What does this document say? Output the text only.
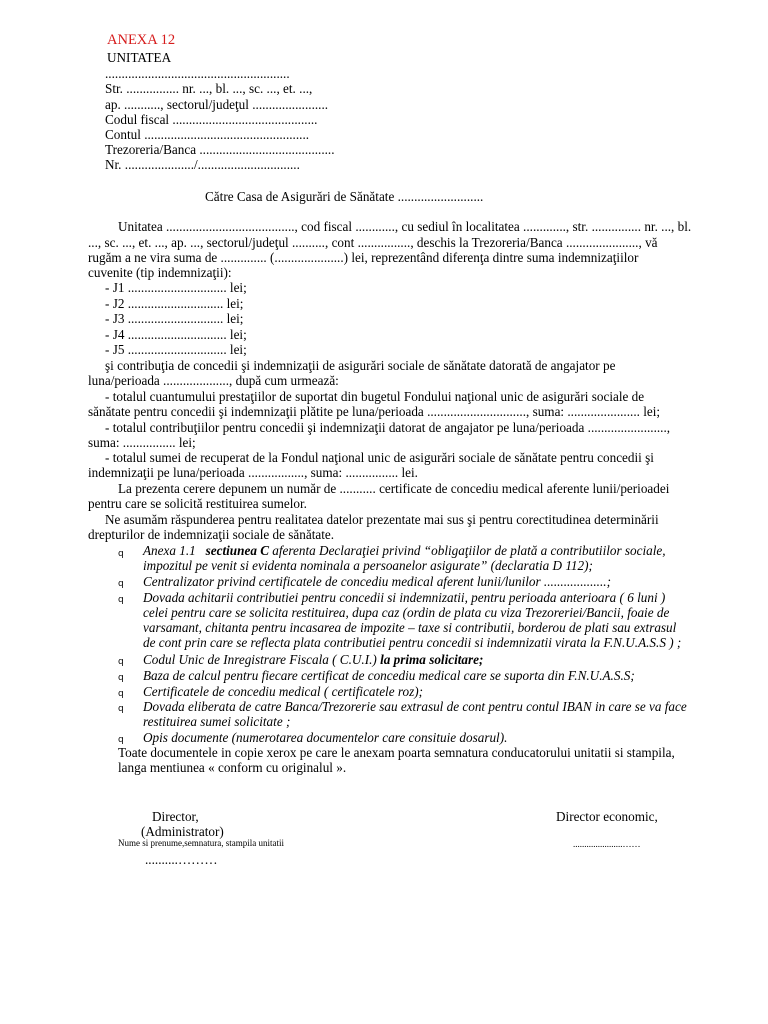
ANEXA 12
UNITATEA
........................................................
Str. ................ nr. ..., bl. ..., sc. ..., et. ...,
ap. ..........., sectorul/judeţul .......................
Codul fiscal ............................................
Contul ..................................................
Trezoreria/Banca .........................................
Nr. ...................../...............................
Către Casa de Asigurări de Sănătate ..........................
Unitatea ......................................., cod fiscal ............, cu sediul în localitatea ............., str. ............... nr. ..., bl.
..., sc. ..., et. ..., ap. ..., sectorul/judeţul .........., cont ................, deschis la Trezoreria/Banca ......................, vă
rugăm a ne vira suma de .............. (.....................) lei, reprezentând diferenţa dintre suma indemnizaţiilor
cuvenite (tip indemnizaţii):
- J1 .............................. lei;
- J2 ............................. lei;
- J3 ............................. lei;
- J4 .............................. lei;
- J5 .............................. lei;
şi contribuţia de concedii şi indemnizaţii de asigurări sociale de sănătate datorată de angajator pe
luna/perioada ...................., după cum urmează:
- totalul cuantumului prestaţiilor de suportat din bugetul Fondului naţional unic de asigurări sociale de
sănătate pentru concedii şi indemnizaţii plătite pe luna/perioada .............................., suma: ...................... lei;
- totalul contribuţiilor pentru concedii şi indemnizaţii datorat de angajator pe luna/perioada ........................,
suma: ................ lei;
- totalul sumei de recuperat de la Fondul naţional unic de asigurări sociale de sănătate pentru concedii şi
indemnizaţii pe luna/perioada ................., suma: ................ lei.
La prezenta cerere depunem un număr de ........... certificate de concediu medical aferente lunii/perioadei
pentru care se solicită restituirea sumelor.
Ne asumăm răspunderea pentru realitatea datelor prezentate mai sus şi pentru corectitudinea determinării
drepturilor de indemnizaţii sociale de sănătate.
q Anexa 1.1 sectiunea C aferenta Declaraţiei privind “obligaţiilor de plată a contributiilor sociale,
impozitul pe venit si evidenta nominala a persoanelor asigurate” (declaratia D 112);
q Centralizator privind certificatele de concediu medical aferent lunii/lunilor ...................;
q Dovada achitarii contributiei pentru concedii si indemnizatii, pentru perioada anterioara ( 6 luni )
celei pentru care se solicita restituirea, dupa caz (ordin de plata cu viza Trezoreriei/Bancii, foaie de
varsamant, chitanta pentru incasarea de impozite – taxe si contributii, borderou de plati sau extrasul
de cont prin care se reflecta plata contributiei pentru concedii si indemnizatii virata la F.N.U.A.S.S ) ;
q Codul Unic de Inregistrare Fiscala ( C.U.I.) la prima solicitare;
q Baza de calcul pentru fiecare certificat de concediu medical care se suporta din F.N.U.A.S.S;
q Certificatele de concediu medical ( certificatele roz);
q Dovada eliberata de catre Banca/Trezorerie sau extrasul de cont pentru contul IBAN in care se va face
restituirea sumei solicitate ;
q Opis documente (numerotarea documentelor care consituie dosarul).
Toate documentele in copie xerox pe care le anexam poarta semnatura conducatorului unitatii si stampila,
langa mentiunea « conform cu originalul ».
Director,
(Administrator)
Nume si prenume,semnatura, stampila unitatii
..........………
Director economic,
......................……
